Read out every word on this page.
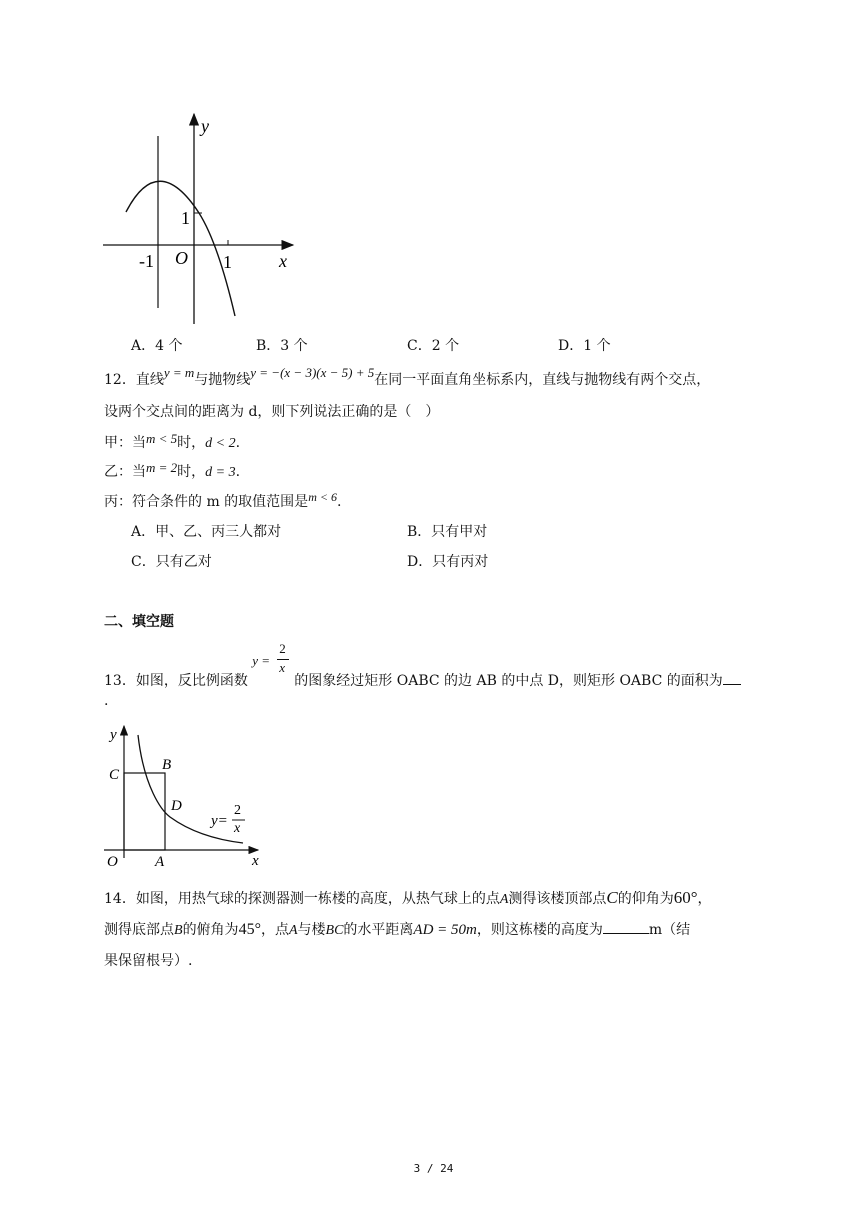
y
1
-1 O 1	x
A．4 个	B．3 个	C．2 个	D．1 个
12．直线y = m与抛物线y = −(x − 3)(x − 5) + 5在同一平面直角坐标系内，直线与抛物线有两个交点，
设两个交点间的距离为 d，则下列说法正确的是（　）
甲：当m < 5时，d < 2.
乙：当m = 2时，d = 3.
丙：符合条件的 m 的取值范围是m < 6.
A．甲、乙、丙三人都对	B．只有甲对
C．只有乙对	D．只有丙对
二、填空题
13．如图，反比例函数
y =
2
x
的图象经过矩形 OABC 的边 AB 的中点 D，则矩形 OABC 的面积为
.
y
C
B
D
O A	x
y=
2
x
14．如图，用热气球的探测器测一栋楼的高度，从热气球上的点A测得该楼顶部点C的仰角为60°，
测得底部点B的俯角为45°，点A与楼BC的水平距离AD = 50m，则这栋楼的高度为	m（结
果保留根号）.
3 / 24
